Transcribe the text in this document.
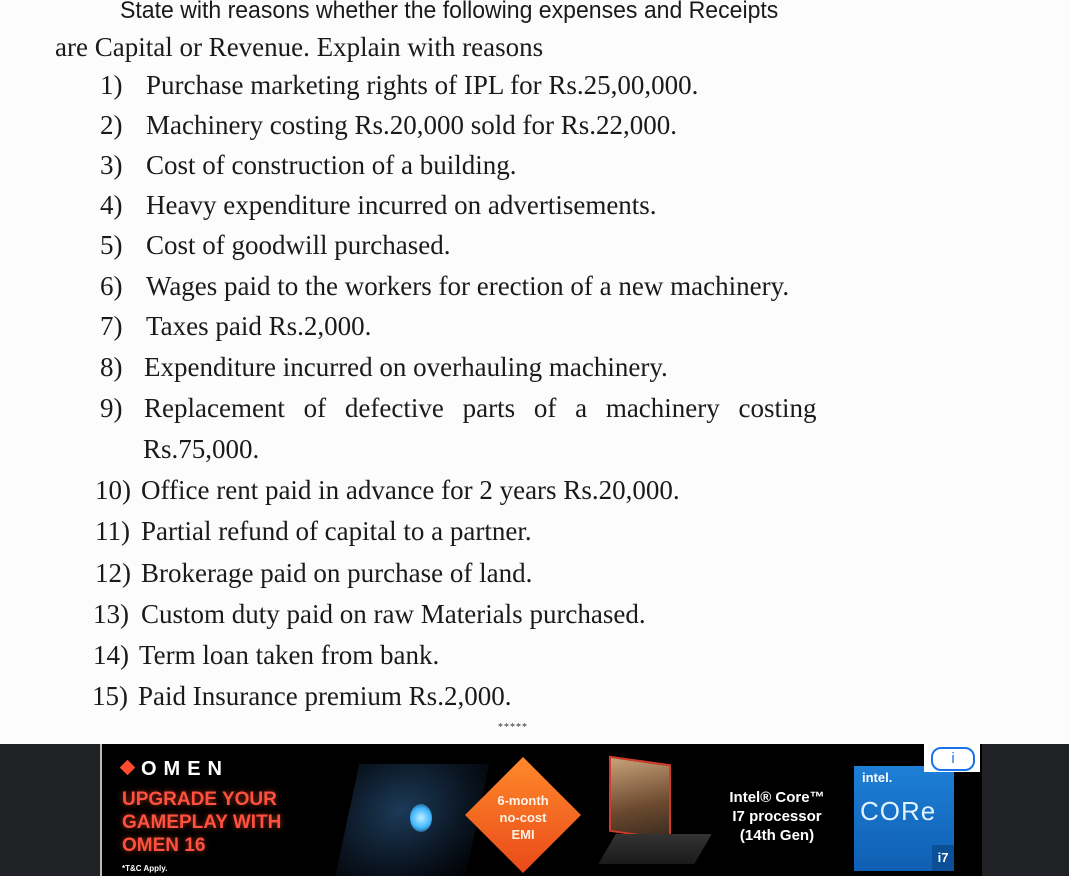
State with reasons whether the following expenses and Receipts
are Capital or Revenue. Explain with reasons
1) Purchase marketing rights of IPL for Rs.25,00,000.
2) Machinery costing Rs.20,000 sold for Rs.22,000.
3) Cost of construction of a building.
4) Heavy expenditure incurred on advertisements.
5) Cost of goodwill purchased.
6) Wages paid to the workers for erection of a new machinery.
7) Taxes paid Rs.2,000.
8) Expenditure incurred on overhauling machinery.
9) Replacement of defective parts of a machinery costing
Rs.75,000.
10) Office rent paid in advance for 2 years Rs.20,000.
11) Partial refund of capital to a partner.
12) Brokerage paid on purchase of land.
13) Custom duty paid on raw Materials purchased.
14) Term loan taken from bank.
15) Paid Insurance premium Rs.2,000.
*****
OMEN
UPGRADE YOUR
GAMEPLAY WITH
OMEN 16
*T&C Apply.
6-month
no-cost
EMI
Intel® Core™
I7 processor
(14th Gen)
intel.
CORe
i7
i
